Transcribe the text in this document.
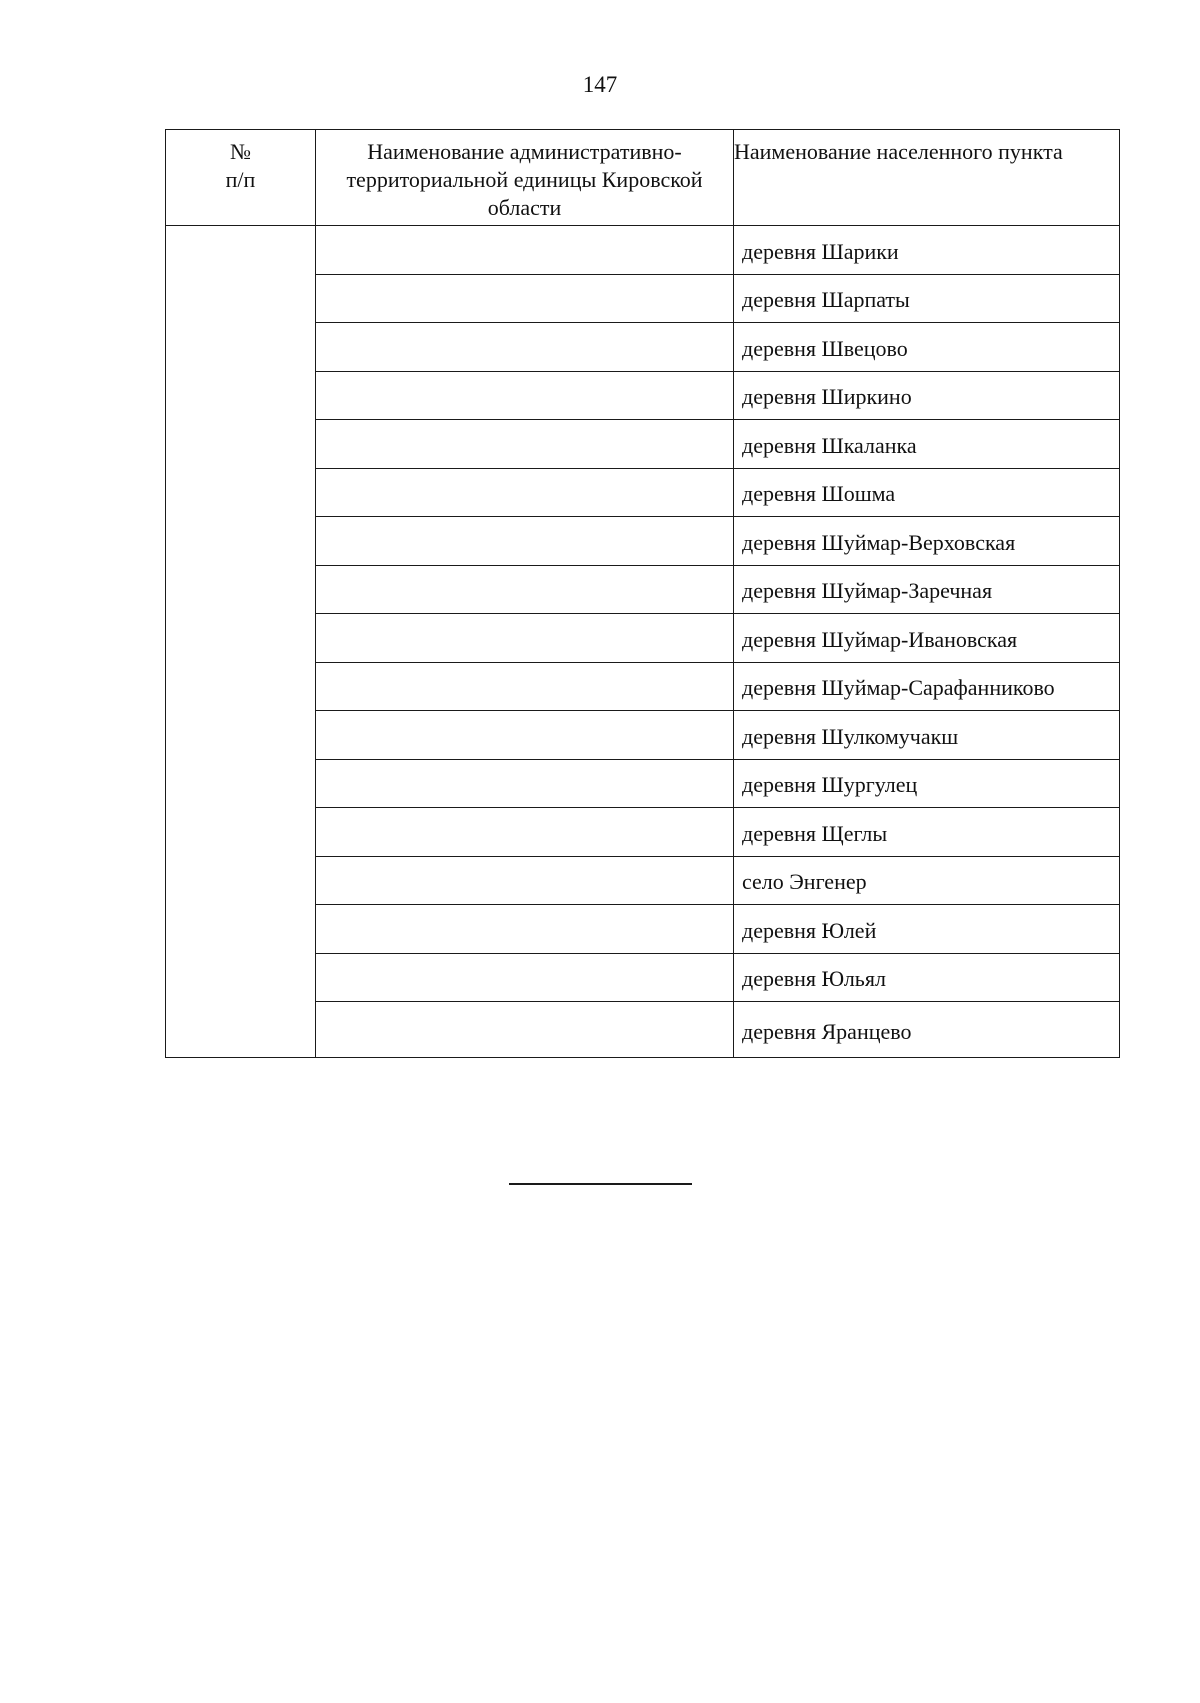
147
№
п/п	Наименование административно-территориальной единицы Кировской области	Наименование населенного пункта
		деревня Шарики
		деревня Шарпаты
		деревня Швецово
		деревня Ширкино
		деревня Шкаланка
		деревня Шошма
		деревня Шуймар-Верховская
		деревня Шуймар-Заречная
		деревня Шуймар-Ивановская
		деревня Шуймар-Сарафанниково
		деревня Шулкомучакш
		деревня Шургулец
		деревня Щеглы
		село Энгенер
		деревня Юлей
		деревня Юльял
		деревня Яранцево
